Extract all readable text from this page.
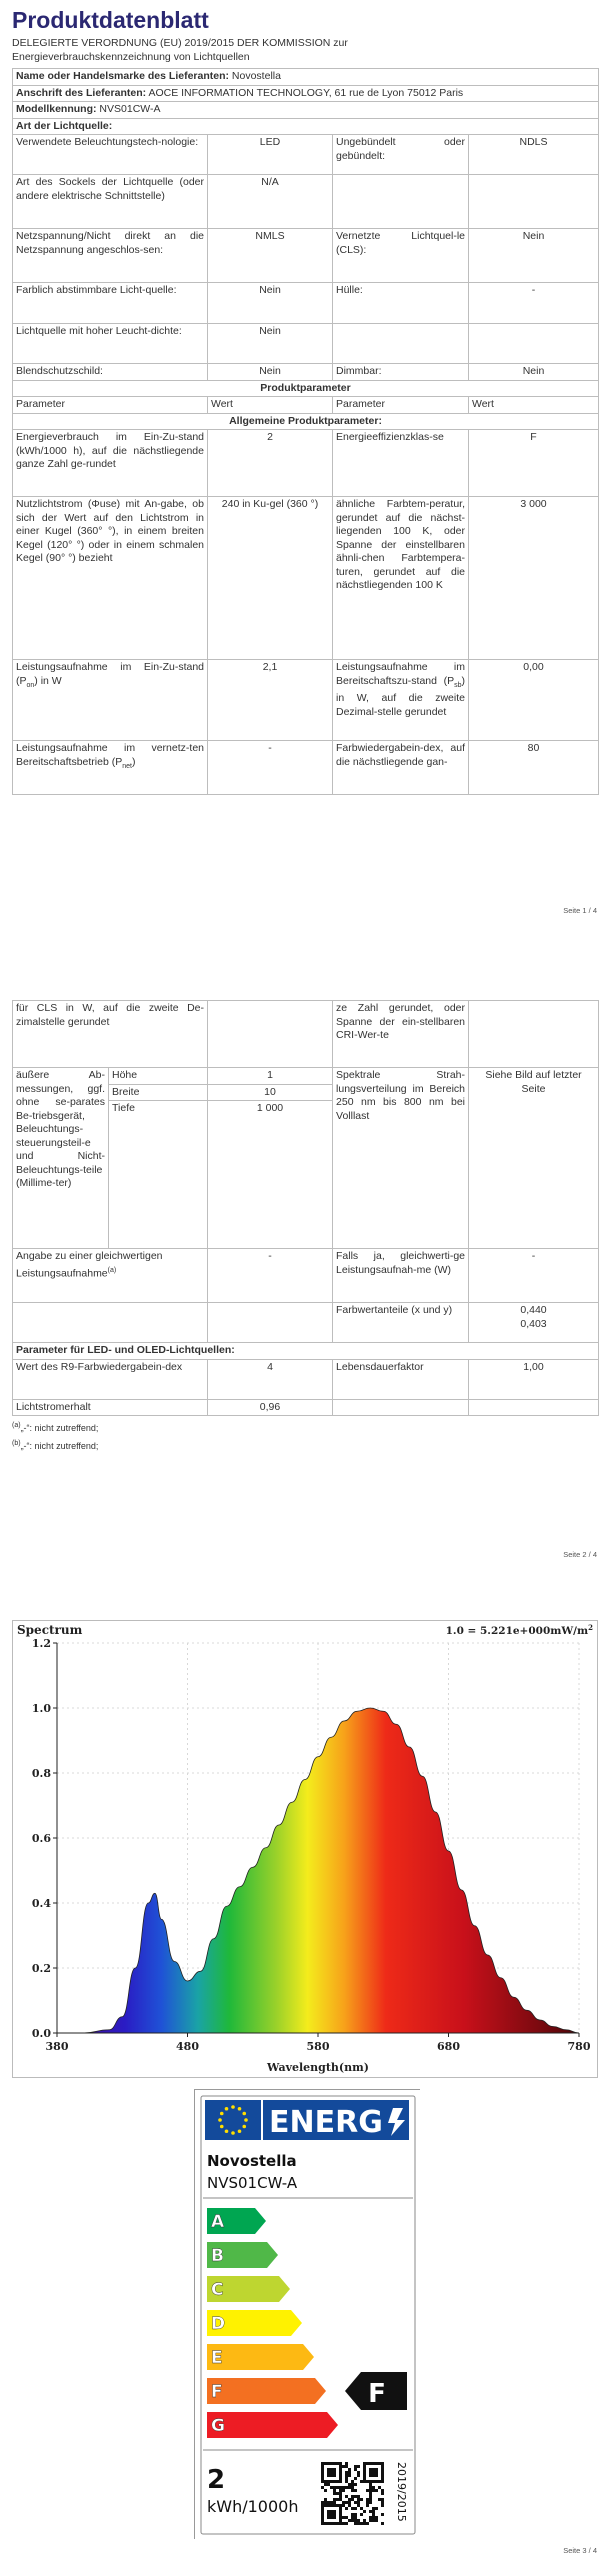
Produktdatenblatt
DELEGIERTE VERORDNUNG (EU) 2019/2015 DER KOMMISSION zur
Energieverbrauchskennzeichnung von Lichtquellen
Name oder Handelsmarke des Lieferanten: Novostella			
Anschrift des Lieferanten: AOCE INFORMATION TECHNOLOGY, 61 rue de Lyon 75012 Paris			
Modellkennung: NVS01CW-A			
Art der Lichtquelle:			
Verwendete Beleuchtungstech-nologie:	LED	Ungebündelt oder gebündelt:	NDLS
Art des Sockels der Lichtquelle (oder andere elektrische Schnittstelle)	N/A		
Netzspannung/Nicht direkt an die Netzspannung angeschlos-sen:	NMLS	Vernetzte Lichtquel-le (CLS):	Nein
Farblich abstimmbare Licht-quelle:	Nein	Hülle:	-
Lichtquelle mit hoher Leucht-dichte:	Nein		
Blendschutzschild:	Nein	Dimmbar:	Nein
Produktparameter			
Parameter	Wert	Parameter	Wert
Allgemeine Produktparameter:			
Energieverbrauch im Ein-Zu-stand (kWh/1000 h), auf die nächstliegende ganze Zahl ge-rundet	2	Energieeffizienzklas-se	F
Nutzlichtstrom (Φuse) mit An-gabe, ob sich der Wert auf den Lichtstrom in einer Kugel (360° °), in einem breiten Kegel (120° °) oder in einem schmalen Kegel (90° °) bezieht	240 in Ku-gel (360 °)	ähnliche Farbtem-peratur, gerundet auf die nächst-liegenden 100 K, oder Spanne der einstellbaren ähnli-chen Farbtempera-turen, gerundet auf die nächstliegenden 100 K	3 000
Leistungsaufnahme im Ein-Zu-stand $(P_{on})$ in W	2,1	Leistungsaufnahme im Bereitschaftszu-stand $(P_{sb})$ in W, auf die zweite Dezimal-stelle gerundet	0,00
Leistungsaufnahme im vernetz-ten Bereitschaftsbetrieb $(P_{net})$	-	Farbwiedergabein-dex, auf die nächstliegende gan-	80
Seite 1 / 4
für CLS in W, auf die zweite De-zimalstelle gerundet			ze Zahl gerundet, oder Spanne der ein-stellbaren CRI-Wer-te	
äußere Ab-messungen, ggf. ohne se-parates Be-triebsgerät, Beleuchtungs-steuerungsteil-e und Nicht-Beleuchtungs-teile (Millime-ter)	Höhe	1	Spektrale Strah-lungsverteilung im Bereich 250 nm bis 800 nm bei Volllast	Siehe Bild auf letzter Seite
	Breite	10		
	Tiefe	1 000		
Angabe zu einer gleichwertigen Leistungsaufnahme$^{(a)}$		-	Falls ja, gleichwerti-ge Leistungsaufnah-me (W)	-
			Farbwertanteile (x und y)	0,440
0,403

Parameter für LED- und OLED-Lichtquellen:				
Wert des R9-Farbwiedergabein-dex		4	Lebensdauerfaktor	1,00
Lichtstromerhalt		0,96		
$^{(a)}$„-“: nicht zutreffend;
$^{(b)}$„-“: nicht zutreffend;
Seite 2 / 4
Spectrum	$1.0 = 5.221e+000mW/m^2$
1.2
1.0
0.8
0.6
0.4
0.2
0.0
380	480	580	680	780
Wavelength(nm)
ENERG
Novostella
NVS01CW-A
A
B
C
D
E
F
G
F
2
kWh/1000h	2019/2015
Seite 3 / 4
